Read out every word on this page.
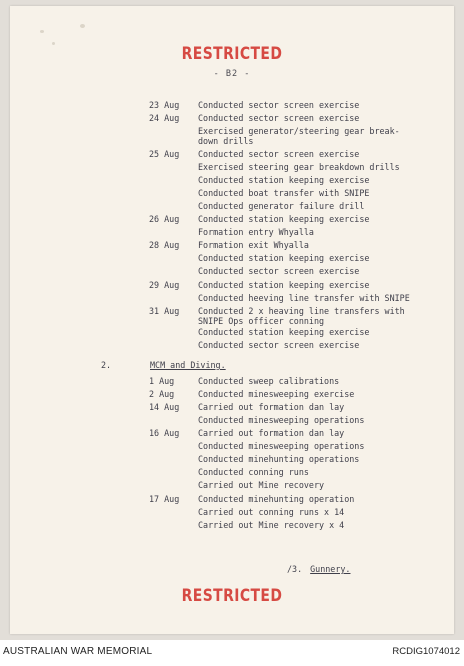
RESTRICTED
- B2 -
23 Aug Conducted sector screen exercise
24 Aug Conducted sector screen exercise
Exercised generator/steering gear break-
down drills
25 Aug Conducted sector screen exercise
Exercised steering gear breakdown drills
Conducted station keeping exercise
Conducted boat transfer with SNIPE
Conducted generator failure drill
26 Aug Conducted station keeping exercise
Formation entry Whyalla
28 Aug Formation exit Whyalla
Conducted station keeping exercise
Conducted sector screen exercise
29 Aug Conducted station keeping exercise
Conducted heeving line transfer with SNIPE
31 Aug Conducted 2 x heaving line transfers with
SNIPE Ops officer conning
Conducted station keeping exercise
Conducted sector screen exercise
2.	MCM and Diving.
1 Aug	Conducted sweep calibrations
2 Aug	Conducted minesweeping exercise
14 Aug Carried out formation dan lay
Conducted minesweeping operations
16 Aug Carried out formation dan lay
Conducted minesweeping operations
Conducted minehunting operations
Conducted conning runs
Carried out Mine recovery
17 Aug Conducted minehunting operation
Carried out conning runs x 14
Carried out Mine recovery x 4
/3. Gunnery.
RESTRICTED
AUSTRALIAN WAR MEMORIAL	RCDIG1074012
